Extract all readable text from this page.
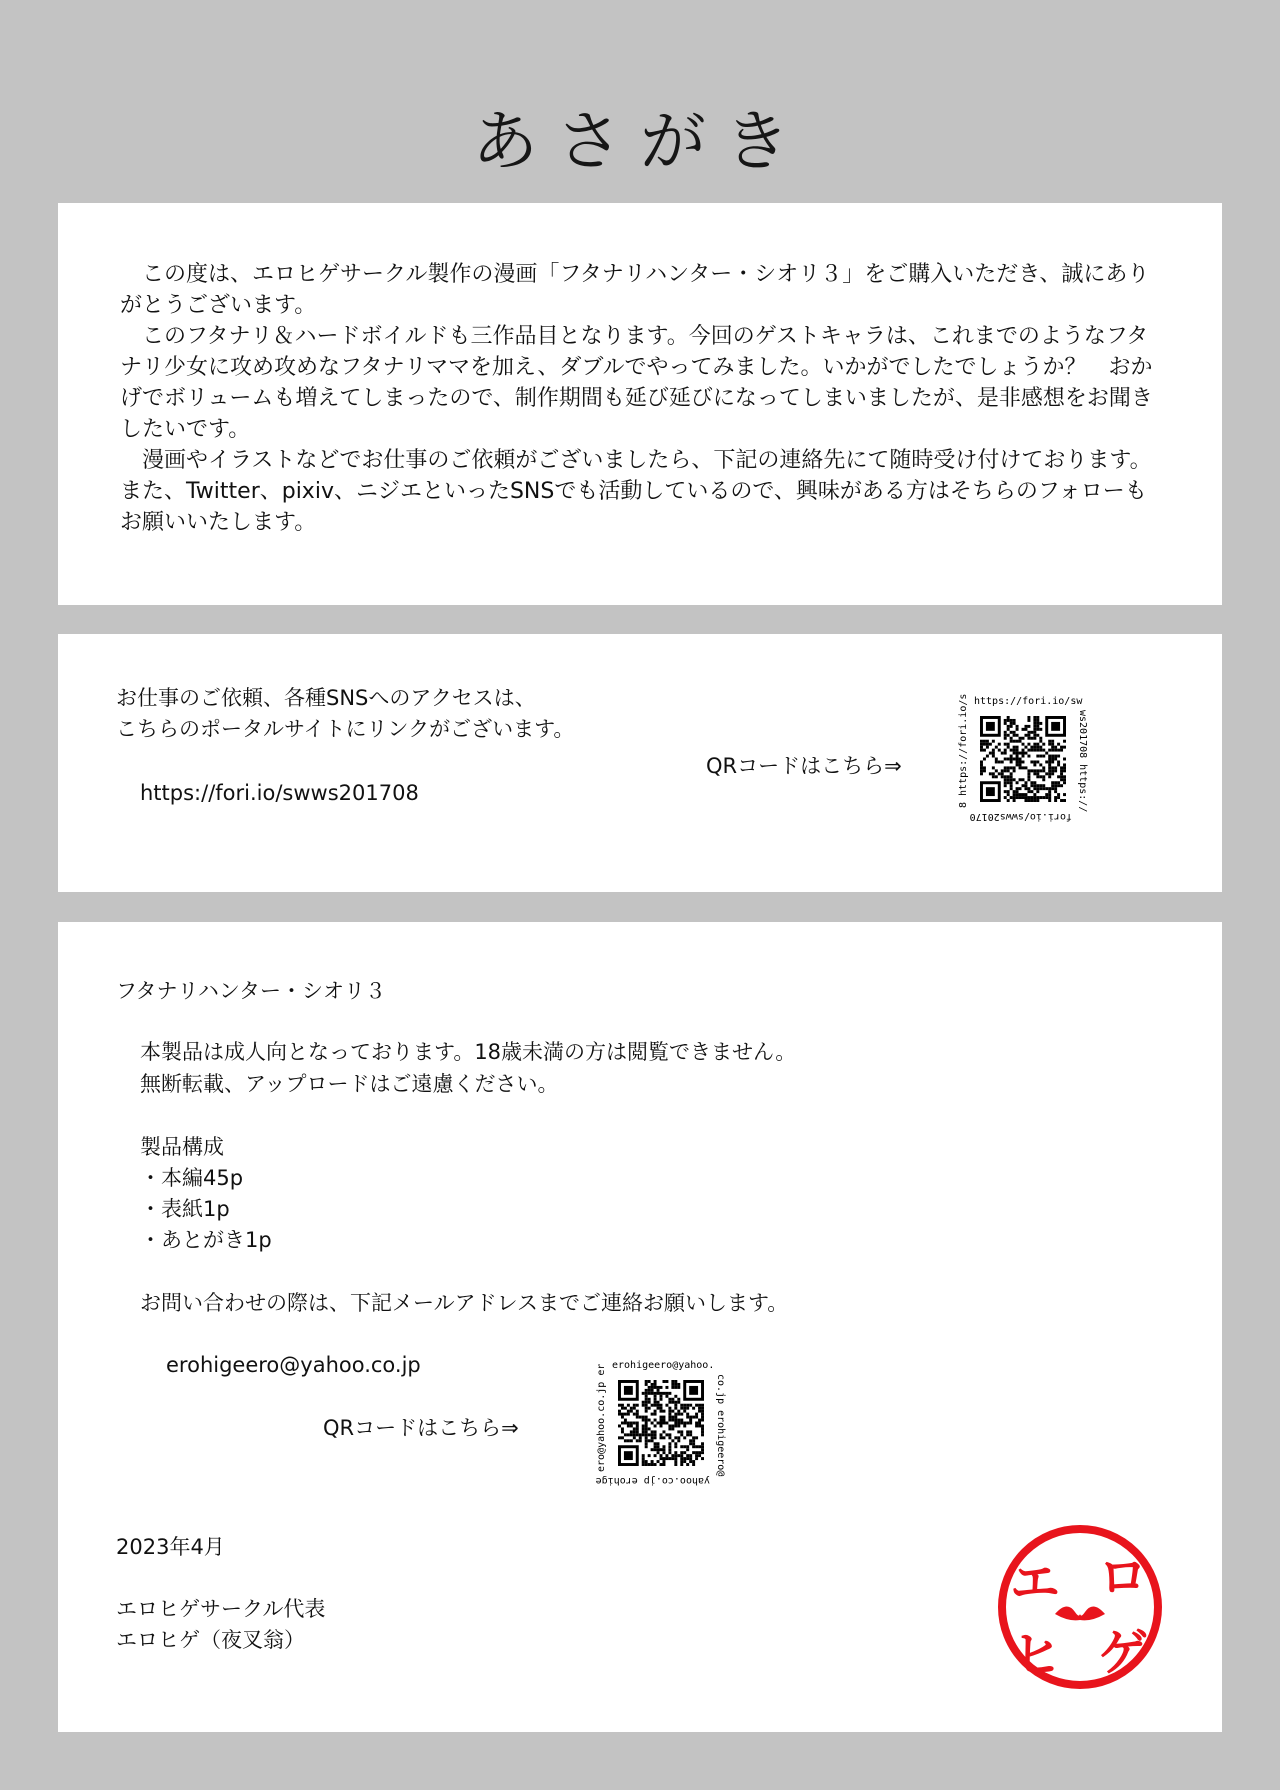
あさがき

この度は、エロヒゲサークル製作の漫画「フタナリハンター・シオリ３」をご購入いただき、誠にありがとうございます。

このフタナリ＆ハードボイルドも三作品目となります。今回のゲストキャラは、これまでのようなフタナリ少女に攻め攻めなフタナリママを加え、ダブルでやってみました。いかがでしたでしょうか？　おかげでボリュームも増えてしまったので、制作期間も延び延びになってしまいましたが、是非感想をお聞きしたいです。

漫画やイラストなどでお仕事のご依頼がございましたら、下記の連絡先にて随時受け付けております。また、Twitter、pixiv、ニジエといったSNSでも活動しているので、興味がある方はそちらのフォローもお願いいたします。

お仕事のご依頼、各種SNSへのアクセスは、
こちらのポータルサイトにリンクがございます。
https://fori.io/swws201708
QRコードはこちら⇒
https://fori.io/sw
ws201708 https://
fori.io/swws20170
8 https://fori.io/s
フタナリハンター・シオリ３
本製品は成人向となっております。18歳未満の方は閲覧できません。
無断転載、アップロードはご遠慮ください。
製品構成
・本編45p
・表紙1p
・あとがき1p
お問い合わせの際は、下記メールアドレスまでご連絡お願いします。
erohigeero@yahoo.co.jp
QRコードはこちら⇒
erohigeero@yahoo.
co.jp erohigeero@
yahoo.co.jp erohige
ero@yahoo.co.jp er
2023年4月
エロヒゲサークル代表
エロヒゲ（夜叉翁）
エ ロ
ヒ ゲ
